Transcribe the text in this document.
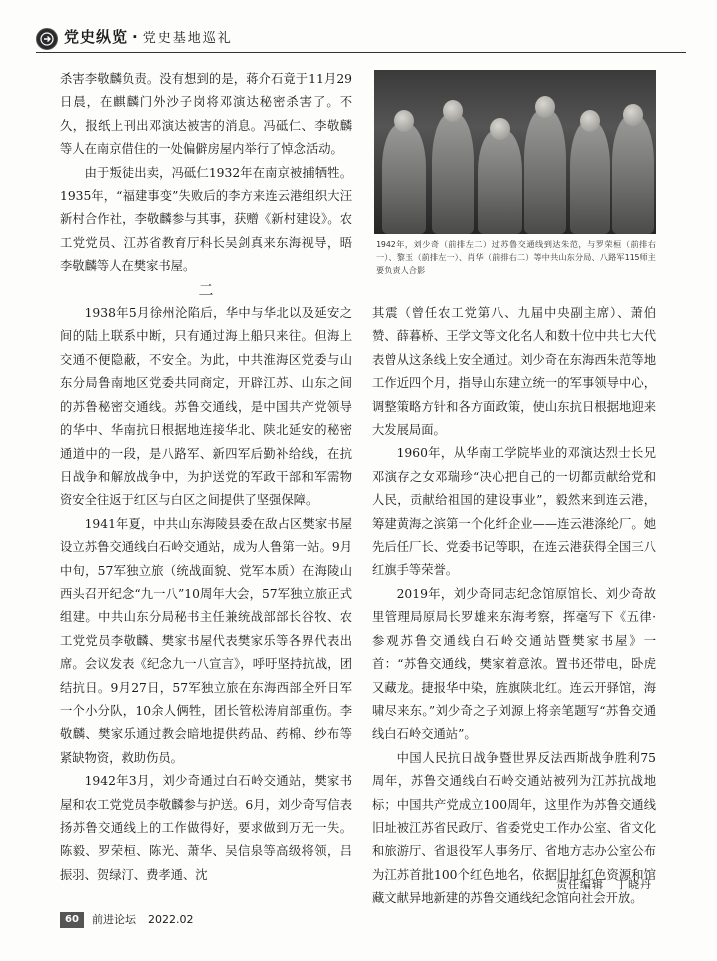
党史纵览 · 党史基地巡礼

杀害李敬麟负责。没有想到的是，蒋介石竟于11月29日晨，在麒麟门外沙子岗将邓演达秘密杀害了。不久，报纸上刊出邓演达被害的消息。冯砥仁、李敬麟等人在南京借住的一处偏僻房屋内举行了悼念活动。

由于叛徒出卖，冯砥仁1932年在南京被捕牺牲。1935年，“福建事变”失败后的李方来连云港组织大汪新村合作社，李敬麟参与其事，获赠《新村建设》。农工党党员、江苏省教育厅科长吴剑真来东海视导，晤李敬麟等人在樊家书屋。

二

1938年5月徐州沦陷后，华中与华北以及延安之间的陆上联系中断，只有通过海上船只来往。但海上交通不便隐蔽，不安全。为此，中共淮海区党委与山东分局鲁南地区党委共同商定，开辟江苏、山东之间的苏鲁秘密交通线。苏鲁交通线，是中国共产党领导的华中、华南抗日根据地连接华北、陕北延安的秘密通道中的一段，是八路军、新四军后勤补给线，在抗日战争和解放战争中，为护送党的军政干部和军需物资安全往返于红区与白区之间提供了坚强保障。

1941年夏，中共山东海陵县委在敌占区樊家书屋设立苏鲁交通线白石岭交通站，成为人鲁第一站。9月中旬，57军独立旅（统战面貌、党军本质）在海陵山西头召开纪念“九一八”10周年大会，57军独立旅正式组建。中共山东分局秘书主任兼统战部部长谷牧、农工党党员李敬麟、樊家书屋代表樊家乐等各界代表出席。会议发表《纪念九一八宣言》，呼吁坚持抗战，团结抗日。9月27日，57军独立旅在东海西部全歼日军一个小分队，10余人俩牲，团长管松涛肩部重伤。李敬麟、樊家乐通过教会暗地提供药品、药棉、纱布等紧缺物资，救助伤员。

1942年3月，刘少奇通过白石岭交通站，樊家书屋和农工党党员李敬麟参与护送。6月，刘少奇写信表扬苏鲁交通线上的工作做得好，要求做到万无一失。陈毅、罗荣桓、陈光、萧华、吴信泉等高级将领，吕振羽、贺绿汀、费孝通、沈

1942年，刘少奇（前排左二）过苏鲁交通线到达朱范，与罗荣桓（前排右一）、黎玉（前排左一）、肖华（前排右二）等中共山东分局、八路军115师主要负责人合影

其震（曾任农工党第八、九届中央副主席）、萧伯赞、薛暮桥、王学文等文化名人和数十位中共七大代表曾从这条线上安全通过。刘少奇在东海西朱范等地工作近四个月，指导山东建立统一的军事领导中心，调整策略方针和各方面政策，使山东抗日根据地迎来大发展局面。

1960年，从华南工学院毕业的邓演达烈士长兄邓演存之女邓瑞珍“决心把自己的一切都贡献给党和人民，贡献给祖国的建设事业”，毅然来到连云港，筹建黄海之滨第一个化纤企业——连云港涤纶厂。她先后任厂长、党委书记等职，在连云港获得全国三八红旗手等荣誉。

2019年，刘少奇同志纪念馆原馆长、刘少奇故里管理局原局长罗雄来东海考察，挥毫写下《五律·参观苏鲁交通线白石岭交通站暨樊家书屋》一首：“苏鲁交通线，樊家着意浓。置书还带电，卧虎又藏龙。捷报华中染，旌旗陕北红。连云开驿馆，海啸尽来东。”刘少奇之子刘源上将亲笔题写“苏鲁交通线白石岭交通站”。

中国人民抗日战争暨世界反法西斯战争胜利75周年，苏鲁交通线白石岭交通站被列为江苏抗战地标；中国共产党成立100周年，这里作为苏鲁交通线旧址被江苏省民政厅、省委党史工作办公室、省文化和旅游厅、省退役军人事务厅、省地方志办公室公布为江苏首批100个红色地名，依据旧址红色资源和馆藏文献异地新建的苏鲁交通线纪念馆向社会开放。

责任编辑　丁晓丹
60	前进论坛 2022.02
